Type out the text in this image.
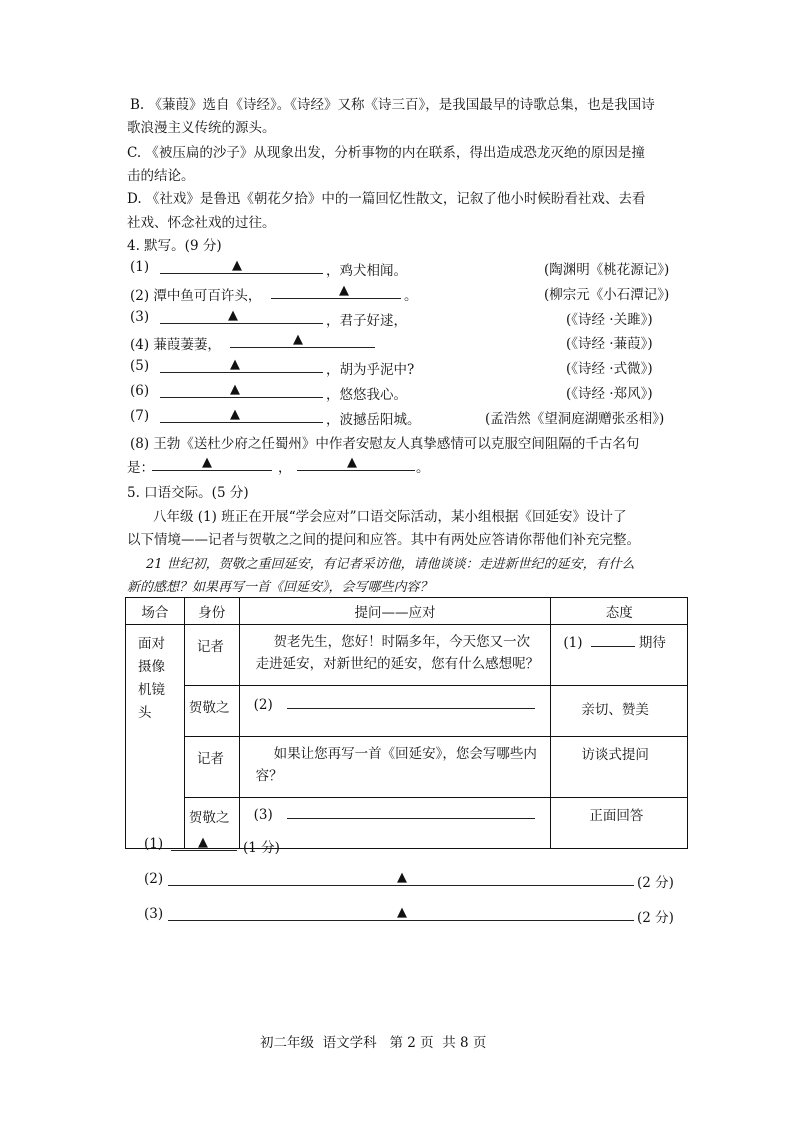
B. 《蒹葭》选自《诗经》。《诗经》又称《诗三百》，是我国最早的诗歌总集，也是我国诗
歌浪漫主义传统的源头。
C. 《被压扁的沙子》从现象出发，分析事物的内在联系，得出造成恐龙灭绝的原因是撞
击的结论。
D. 《社戏》是鲁迅《朝花夕拾》中的一篇回忆性散文，记叙了他小时候盼看社戏、去看
社戏、怀念社戏的过往。
4. 默写。(9 分)
(1)	▲	，鸡犬相闻。	(陶渊明《桃花源记》)
(2) 潭中鱼可百许头，	▲	。	(柳宗元《小石潭记》)
(3)	▲	，君子好逑，	(《诗经 ·关雎》)
(4) 蒹葭萋萋，	▲	(《诗经 ·蒹葭》)
(5)	▲	，胡为乎泥中?	(《诗经 ·式微》)
(6)	▲	，悠悠我心。	(《诗经 ·郑风》)
(7)	▲	，波撼岳阳城。	(孟浩然《望洞庭湖赠张丞相》)
(8) 王勃《送杜少府之任蜀州》中作者安慰友人真挚感情可以克服空间阻隔的千古名句
是：	▲	，	▲	。
5. 口语交际。(5 分)
八年级 (1) 班正在开展“学会应对”口语交际活动，某小组根据《回延安》设计了
以下情境——记者与贺敬之之间的提问和应答。其中有两处应答请你帮他们补充完整。
21 世纪初，贺敬之重回延安，有记者采访他，请他谈谈：走进新世纪的延安，有什么
新的感想？如果再写一首《回延安》，会写哪些内容？
场合	身份	提问——应对	态度
面对摄像机镜头	记者	贺老先生，您好！时隔多年，今天您又一次走进延安，对新世纪的延安，您有什么感想呢？	(1) 期待
	贺敬之	(2)	亲切、赞美
	记者	如果让您再写一首《回延安》，您会写哪些内容？	访谈式提问
	贺敬之	(3)	正面回答
(1)	▲	(1 分)
(2)	▲	(2 分)
(3)	▲	(2 分)
初二年级  语文学科   第 2 页  共 8 页
